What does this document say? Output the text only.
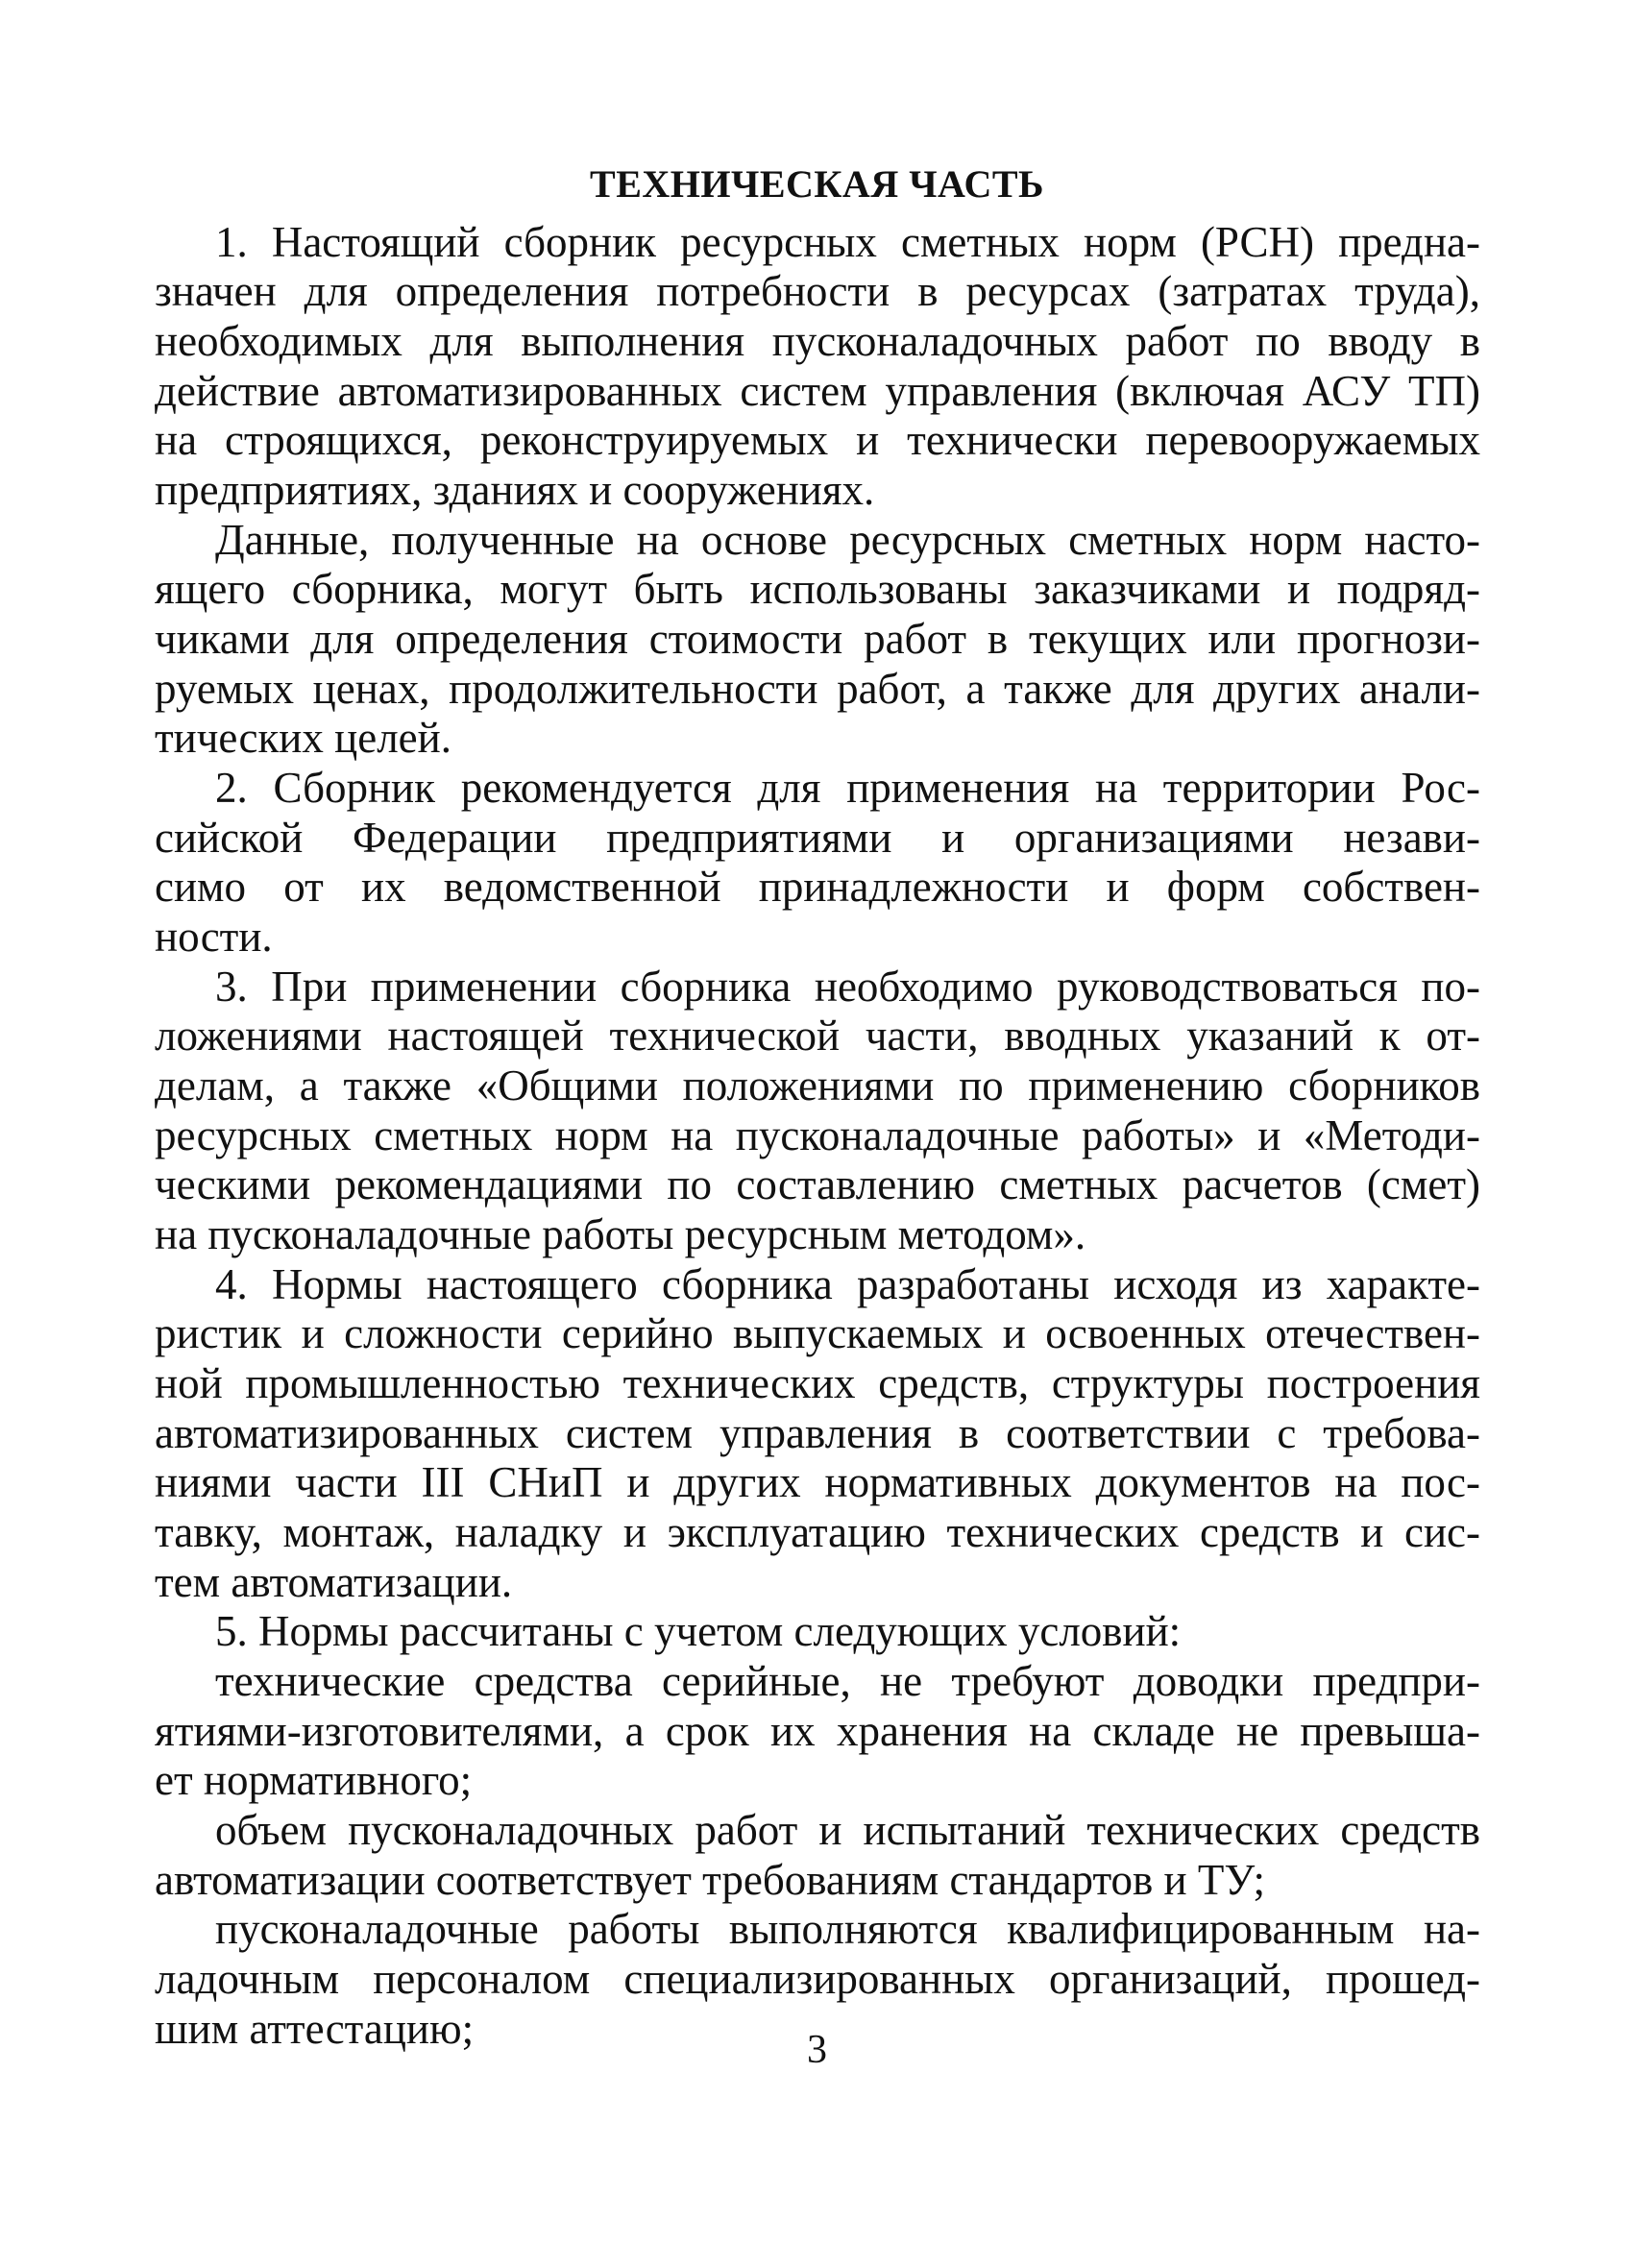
ТЕХНИЧЕСКАЯ ЧАСТЬ
1. Настоящий сборник ресурсных сметных норм (РСН) предна-
значен для определения потребности в ресурсах (затратах труда),
необходимых для выполнения пусконаладочных работ по вводу в
действие автоматизированных систем управления (включая АСУ ТП)
на строящихся, реконструируемых и технически перевооружаемых
предприятиях, зданиях и сооружениях.
Данные, полученные на основе ресурсных сметных норм насто-
ящего сборника, могут быть использованы заказчиками и подряд-
чиками для определения стоимости работ в текущих или прогнози-
руемых ценах, продолжительности работ, а также для других анали-
тических целей.
2. Сборник рекомендуется для применения на территории Рос-
сийской Федерации предприятиями и организациями незави-
симо от их ведомственной принадлежности и форм собствен-
ности.
3. При применении сборника необходимо руководствоваться по-
ложениями настоящей технической части, вводных указаний к от-
делам, а также «Общими положениями по применению сборников
ресурсных сметных норм на пусконаладочные работы» и «Методи-
ческими рекомендациями по составлению сметных расчетов (смет)
на пусконаладочные работы ресурсным методом».
4. Нормы настоящего сборника разработаны исходя из характе-
ристик и сложности серийно выпускаемых и освоенных отечествен-
ной промышленностью технических средств, структуры построения
автоматизированных систем управления в соответствии с требова-
ниями части III СНиП и других нормативных документов на пос-
тавку, монтаж, наладку и эксплуатацию технических средств и сис-
тем автоматизации.
5. Нормы рассчитаны с учетом следующих условий:
технические средства серийные, не требуют доводки предпри-
ятиями-изготовителями, а срок их хранения на складе не превыша-
ет нормативного;
объем пусконаладочных работ и испытаний технических средств
автоматизации соответствует требованиям стандартов и ТУ;
пусконаладочные работы выполняются квалифицированным на-
ладочным персоналом специализированных организаций, прошед-
шим аттестацию;	3
